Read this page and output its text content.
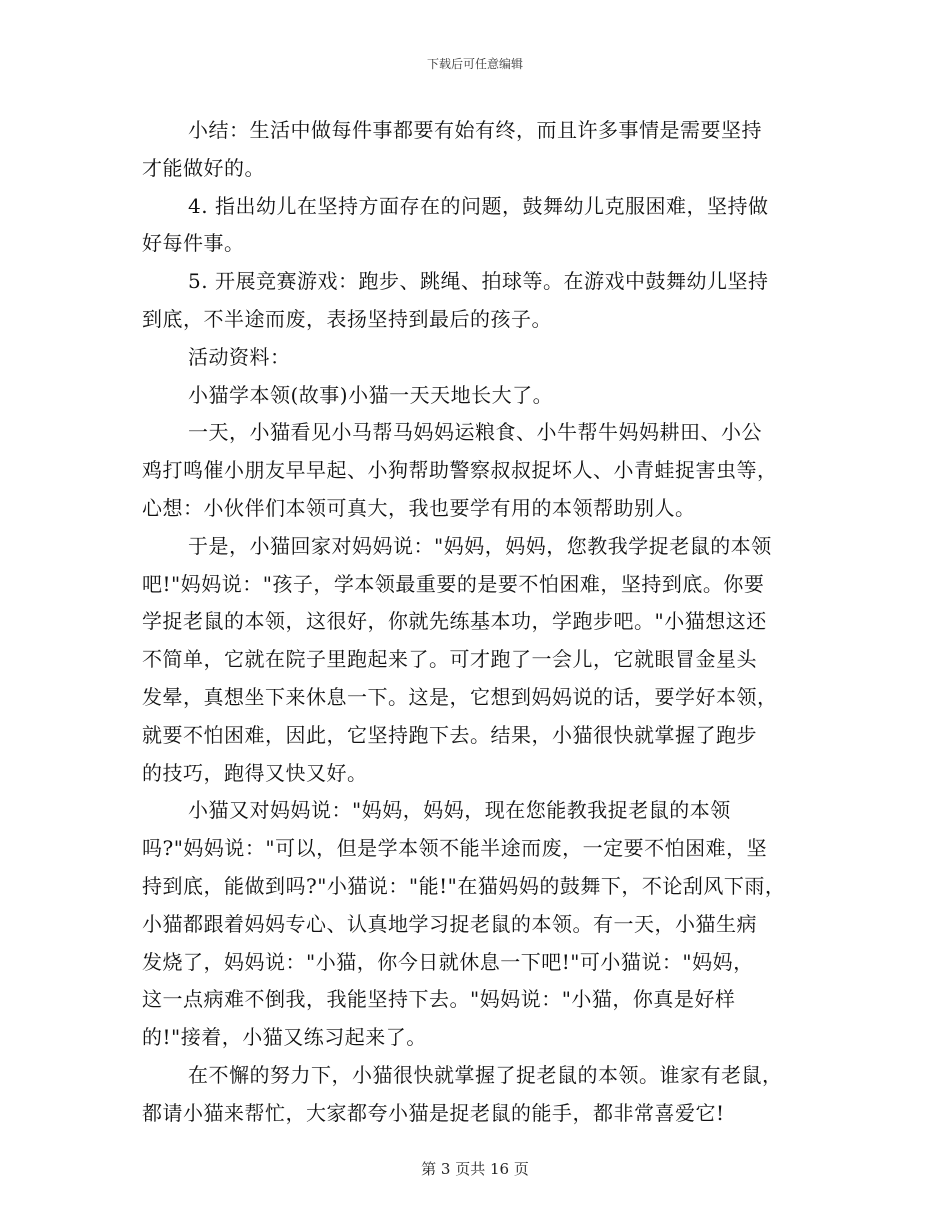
下载后可任意编辑
小结：生活中做每件事都要有始有终，而且许多事情是需要坚持
才能做好的。
4. 指出幼儿在坚持方面存在的问题，鼓舞幼儿克服困难，坚持做
好每件事。
5. 开展竞赛游戏：跑步、跳绳、拍球等。在游戏中鼓舞幼儿坚持
到底，不半途而废，表扬坚持到最后的孩子。
活动资料：
小猫学本领(故事)小猫一天天地长大了。
一天，小猫看见小马帮马妈妈运粮食、小牛帮牛妈妈耕田、小公
鸡打鸣催小朋友早早起、小狗帮助警察叔叔捉坏人、小青蛙捉害虫等，
心想：小伙伴们本领可真大，我也要学有用的本领帮助别人。
于是，小猫回家对妈妈说："妈妈，妈妈，您教我学捉老鼠的本领
吧!"妈妈说："孩子，学本领最重要的是要不怕困难，坚持到底。你要
学捉老鼠的本领，这很好，你就先练基本功，学跑步吧。"小猫想这还
不简单，它就在院子里跑起来了。可才跑了一会儿，它就眼冒金星头
发晕，真想坐下来休息一下。这是，它想到妈妈说的话，要学好本领，
就要不怕困难，因此，它坚持跑下去。结果，小猫很快就掌握了跑步
的技巧，跑得又快又好。
小猫又对妈妈说："妈妈，妈妈，现在您能教我捉老鼠的本领
吗?"妈妈说："可以，但是学本领不能半途而废，一定要不怕困难，坚
持到底，能做到吗?"小猫说："能!"在猫妈妈的鼓舞下，不论刮风下雨，
小猫都跟着妈妈专心、认真地学习捉老鼠的本领。有一天，小猫生病
发烧了，妈妈说："小猫，你今日就休息一下吧!"可小猫说："妈妈，
这一点病难不倒我，我能坚持下去。"妈妈说："小猫，你真是好样
的!"接着，小猫又练习起来了。
在不懈的努力下，小猫很快就掌握了捉老鼠的本领。谁家有老鼠，
都请小猫来帮忙，大家都夸小猫是捉老鼠的能手，都非常喜爱它!
第 3 页共 16 页
